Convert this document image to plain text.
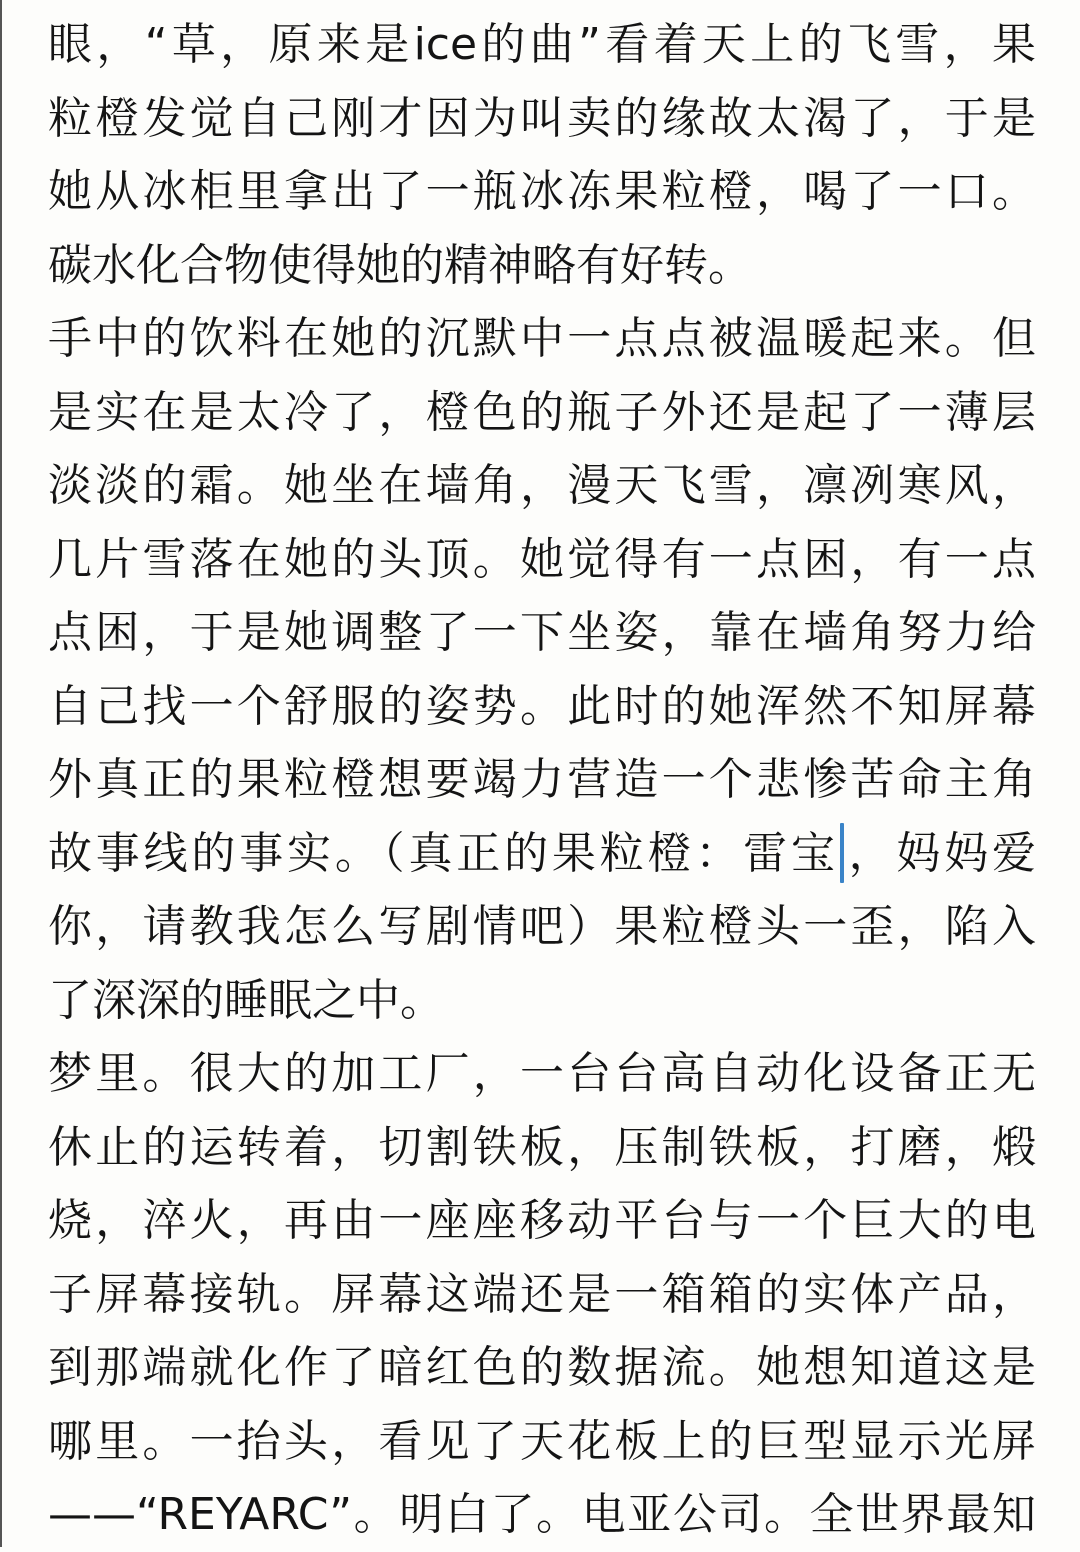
眼，“草，原来是ice的曲”看着天上的飞雪，果
粒橙发觉自己刚才因为叫卖的缘故太渴了，于是
她从冰柜里拿出了一瓶冰冻果粒橙，喝了一口。
碳水化合物使得她的精神略有好转。
手中的饮料在她的沉默中一点点被温暖起来。但
是实在是太冷了，橙色的瓶子外还是起了一薄层
淡淡的霜。她坐在墙角，漫天飞雪，凛冽寒风，
几片雪落在她的头顶。她觉得有一点困，有一点
点困，于是她调整了一下坐姿，靠在墙角努力给
自己找一个舒服的姿势。此时的她浑然不知屏幕
外真正的果粒橙想要竭力营造一个悲惨苦命主角
故事线的事实。（真正的果粒橙：雷宝 ，妈妈爱
你，请教我怎么写剧情吧）果粒橙头一歪，陷入
了深深的睡眠之中。
梦里。很大的加工厂，一台台高自动化设备正无
休止的运转着，切割铁板，压制铁板，打磨，煅
烧，淬火，再由一座座移动平台与一个巨大的电
子屏幕接轨。屏幕这端还是一箱箱的实体产品，
到那端就化作了暗红色的数据流。她想知道这是
哪里。一抬头，看见了天花板上的巨型显示光屏
——“REYARC”。明白了。电亚公司。全世界最知
